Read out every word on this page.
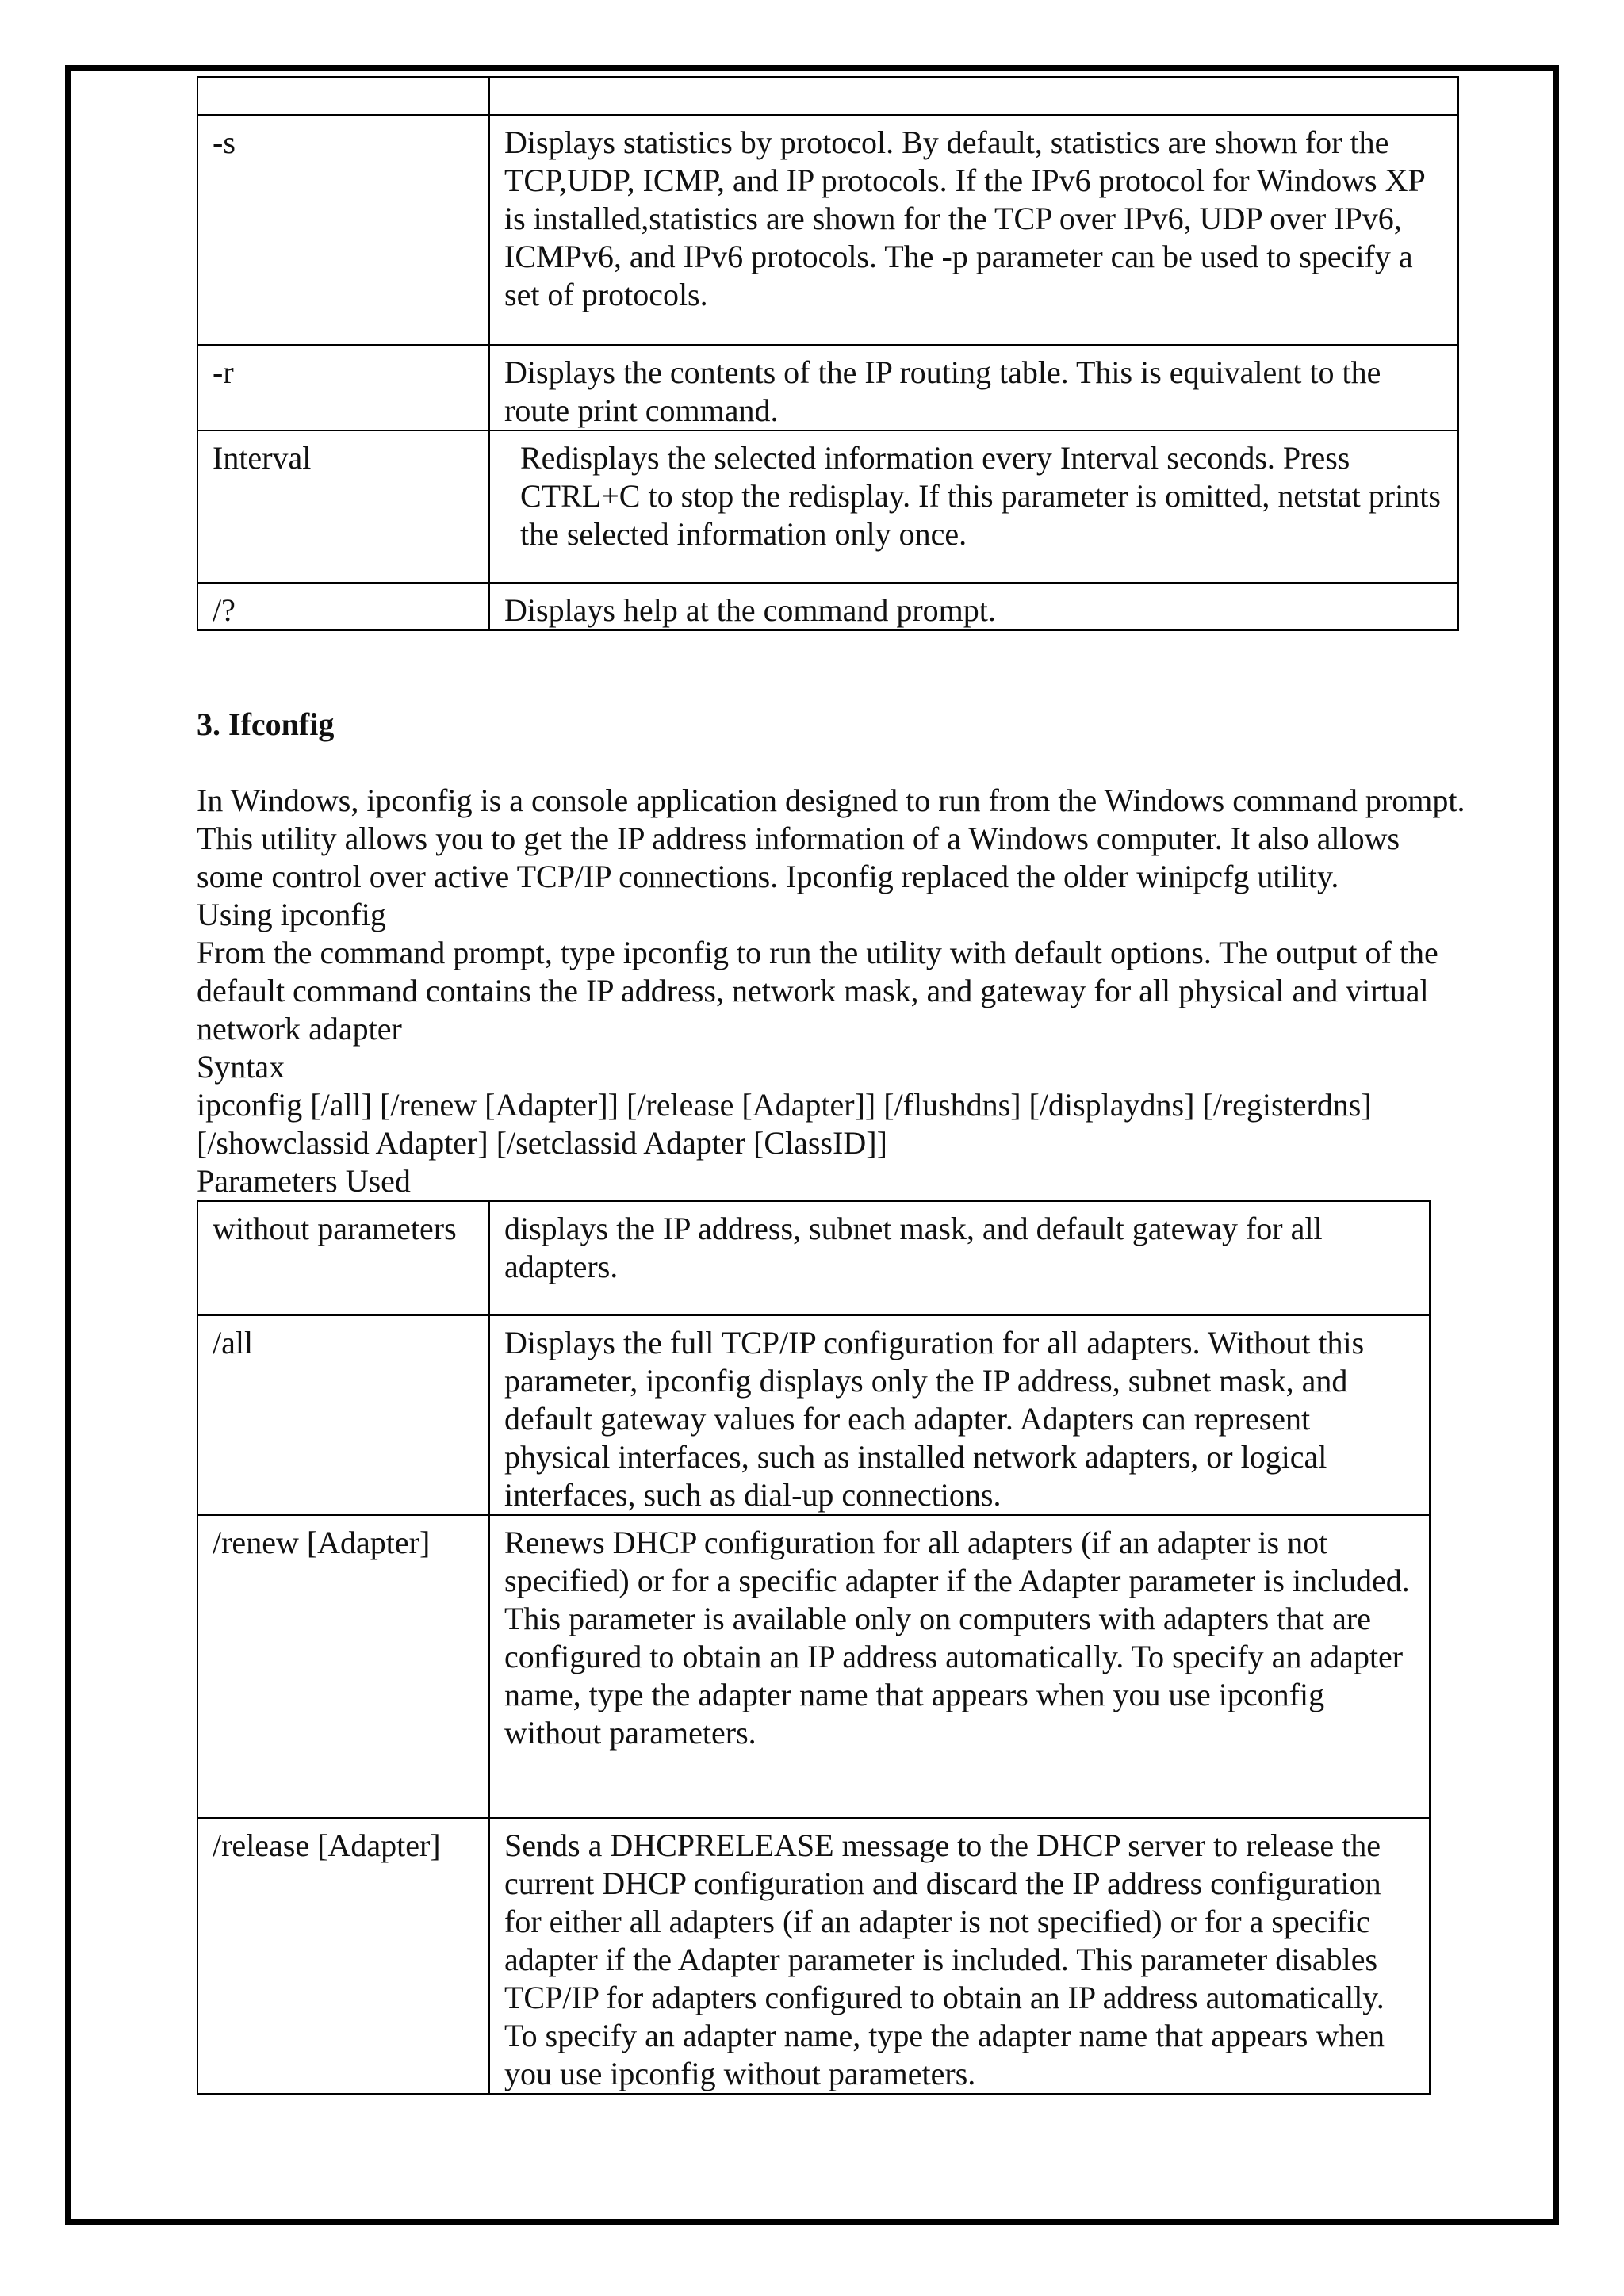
-s	Displays statistics by protocol. By default, statistics are shown for the TCP,UDP, ICMP, and IP protocols. If the IPv6 protocol for Windows XP is installed,statistics are shown for the TCP over IPv6, UDP over IPv6, ICMPv6, and IPv6 protocols. The -p parameter can be used to specify a set of protocols.
-r	Displays the contents of the IP routing table. This is equivalent to the route print command.
Interval	Redisplays the selected information every Interval seconds. Press CTRL+C to stop the redisplay. If this parameter is omitted, netstat prints the selected information only once.
/?	Displays help at the command prompt.

3. Ifconfig

In Windows, ipconfig is a console application designed to run from the Windows command prompt. This utility allows you to get the IP address information of a Windows computer. It also allows some control over active TCP/IP connections. Ipconfig replaced the older winipcfg utility.

Using ipconfig

From the command prompt, type ipconfig to run the utility with default options. The output of the default command contains the IP address, network mask, and gateway for all physical and virtual network adapter

Syntax

ipconfig [/all] [/renew [Adapter]] [/release [Adapter]] [/flushdns] [/displaydns] [/registerdns] [/showclassid Adapter] [/setclassid Adapter [ClassID]]

Parameters Used

without parameters	displays the IP address, subnet mask, and default gateway for all adapters.
/all	Displays the full TCP/IP configuration for all adapters. Without this parameter, ipconfig displays only the IP address, subnet mask, and default gateway values for each adapter. Adapters can represent physical interfaces, such as installed network adapters, or logical interfaces, such as dial-up connections.
/renew [Adapter]	Renews DHCP configuration for all adapters (if an adapter is not specified) or for a specific adapter if the Adapter parameter is included. This parameter is available only on computers with adapters that are configured to obtain an IP address automatically. To specify an adapter name, type the adapter name that appears when you use ipconfig without parameters.
/release [Adapter]	Sends a DHCPRELEASE message to the DHCP server to release the current DHCP configuration and discard the IP address configuration for either all adapters (if an adapter is not specified) or for a specific adapter if the Adapter parameter is included. This parameter disables TCP/IP for adapters configured to obtain an IP address automatically. To specify an adapter name, type the adapter name that appears when you use ipconfig without parameters.
